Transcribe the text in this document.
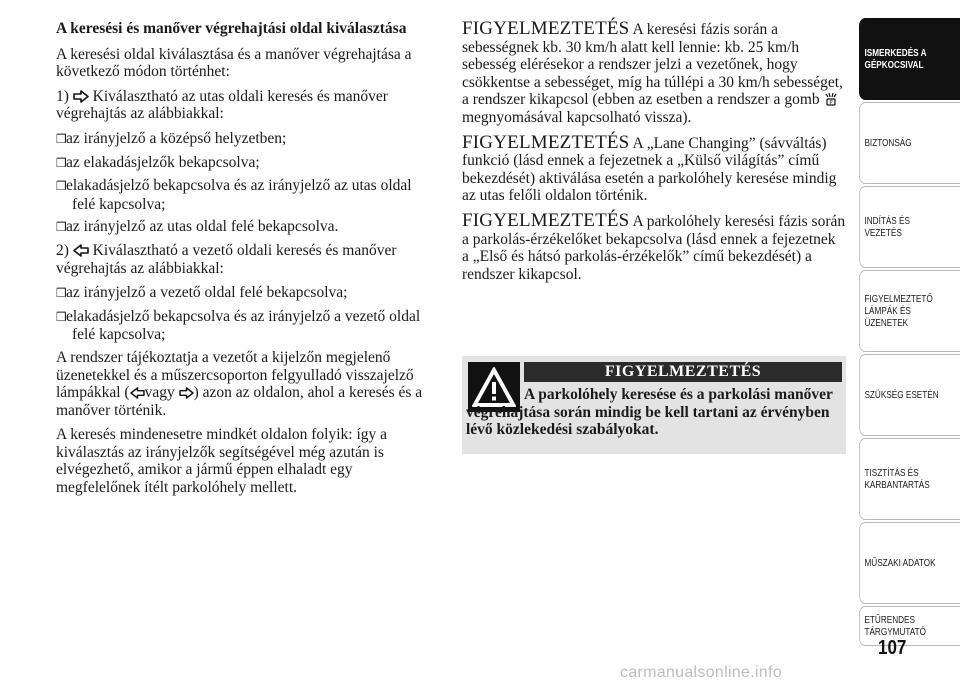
A keresési és manőver végrehajtási oldal kiválasztása

A keresési oldal kiválasztása és a manőver végrehajtása a következő módon történhet:

1) Kiválasztható az utas oldali keresés és manőver végrehajtás az alábbiakkal:

❒az irányjelző a középső helyzetben;

❒az elakadásjelzők bekapcsolva;

❒elakadásjelző bekapcsolva és az irányjelző az utas oldal felé kapcsolva;

❒az irányjelző az utas oldal felé bekapcsolva.

2) Kiválasztható a vezető oldali keresés és manőver végrehajtás az alábbiakkal:

❒az irányjelző a vezető oldal felé bekapcsolva;

❒elakadásjelző bekapcsolva és az irányjelző a vezető oldal felé kapcsolva;

A rendszer tájékoztatja a vezetőt a kijelzőn megjelenő üzenetekkel és a műszercsoporton felgyulladó visszajelző lámpákkal ( vagy ) azon az oldalon, ahol a keresés és a manőver történik.

A keresés mindenesetre mindkét oldalon folyik: így a kiválasztás az irányjelzők segítségével még azután is elvégezhető, amikor a jármű éppen elhaladt egy megfelelőnek ítélt parkolóhely mellett.

FIGYELMEZTETÉS A keresési fázis során a sebességnek kb. 30 km/h alatt kell lennie: kb. 25 km/h sebesség elérésekor a rendszer jelzi a vezetőnek, hogy csökkentse a sebességet, míg ha túllépi a 30 km/h sebességet, a rendszer kikapcsol (ebben az esetben a rendszer a gomb P
megnyomásával kapcsolható vissza).

FIGYELMEZTETÉS A „Lane Changing” (sávváltás) funkció (lásd ennek a fejezetnek a „Külső világítás” című bekezdését) aktiválása esetén a parkolóhely keresése mindig az utas felőli oldalon történik.

FIGYELMEZTETÉS A parkolóhely keresési fázis során a parkolás-érzékelőket bekapcsolva (lásd ennek a fejezetnek a „Első és hátsó parkolás-érzékelők” című bekezdését) a rendszer kikapcsol.

FIGYELMEZTETÉS
A parkolóhely keresése és a parkolási manőver végrehajtása során mindig be kell tartani az érvényben lévő közlekedési szabályokat.
ISMERKEDÉS A
GÉPKOCSIVAL
BIZTONSÁG
INDÍTÁS ÉS
VEZETÉS
FIGYELMEZTETŐ
LÁMPÁK ÉS
ÜZENETEK
SZÜKSÉG ESETÉN
TISZTÍTÁS ÉS
KARBANTARTÁS
MŰSZAKI ADATOK
ETŰRENDES
TÁRGYMUTATÓ
107
carmanualsonline.info
